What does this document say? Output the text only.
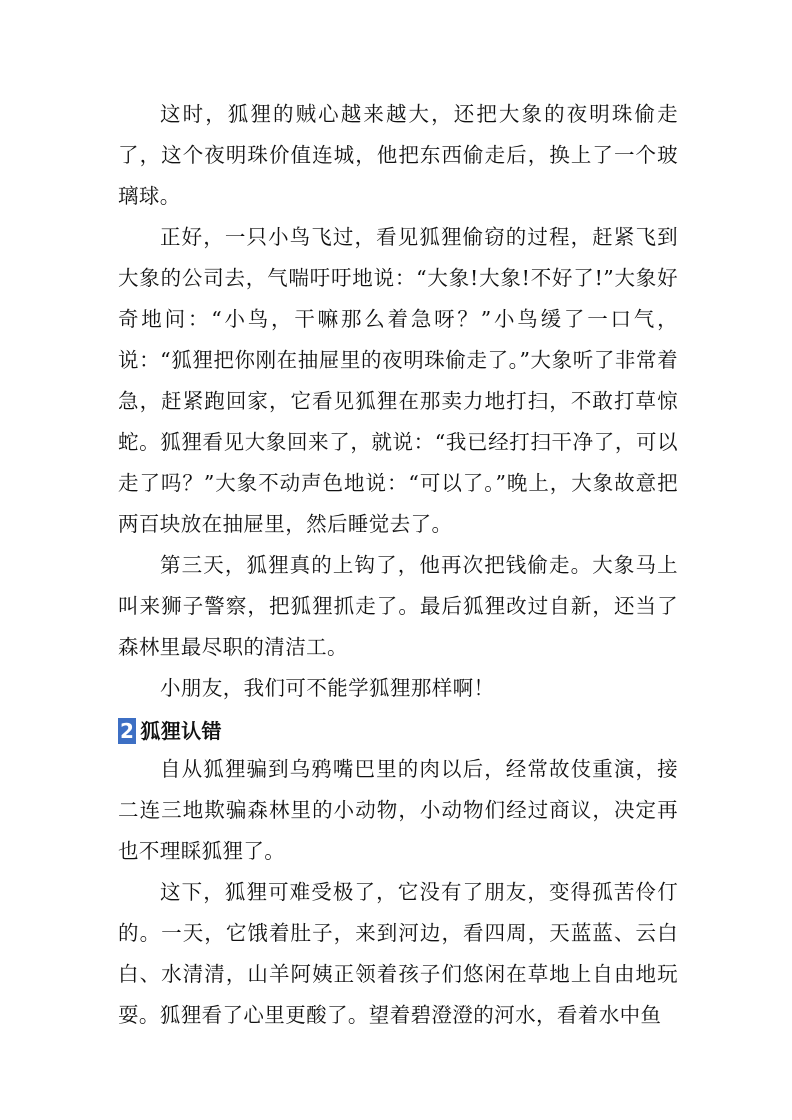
这时，狐狸的贼心越来越大，还把大象的夜明珠偷走了，这个夜明珠价值连城，他把东西偷走后，换上了一个玻璃球。

正好，一只小鸟飞过，看见狐狸偷窃的过程，赶紧飞到大象的公司去，气喘吁吁地说：“大象!大象!不好了!”大象好奇地问：“小鸟，干嘛那么着急呀？”小鸟缓了一口气，说：“狐狸把你刚在抽屉里的夜明珠偷走了。”大象听了非常着急，赶紧跑回家，它看见狐狸在那卖力地打扫，不敢打草惊蛇。狐狸看见大象回来了，就说：“我已经打扫干净了，可以走了吗？”大象不动声色地说：“可以了。”晚上，大象故意把两百块放在抽屉里，然后睡觉去了。

第三天，狐狸真的上钩了，他再次把钱偷走。大象马上叫来狮子警察，把狐狸抓走了。最后狐狸改过自新，还当了森林里最尽职的清洁工。

小朋友，我们可不能学狐狸那样啊！

2 狐狸认错

自从狐狸骗到乌鸦嘴巴里的肉以后，经常故伎重演，接二连三地欺骗森林里的小动物，小动物们经过商议，决定再也不理睬狐狸了。

这下，狐狸可难受极了，它没有了朋友，变得孤苦伶仃的。一天，它饿着肚子，来到河边，看四周，天蓝蓝、云白白、水清清，山羊阿姨正领着孩子们悠闲在草地上自由地玩耍。狐狸看了心里更酸了。望着碧澄澄的河水，看着水中鱼
